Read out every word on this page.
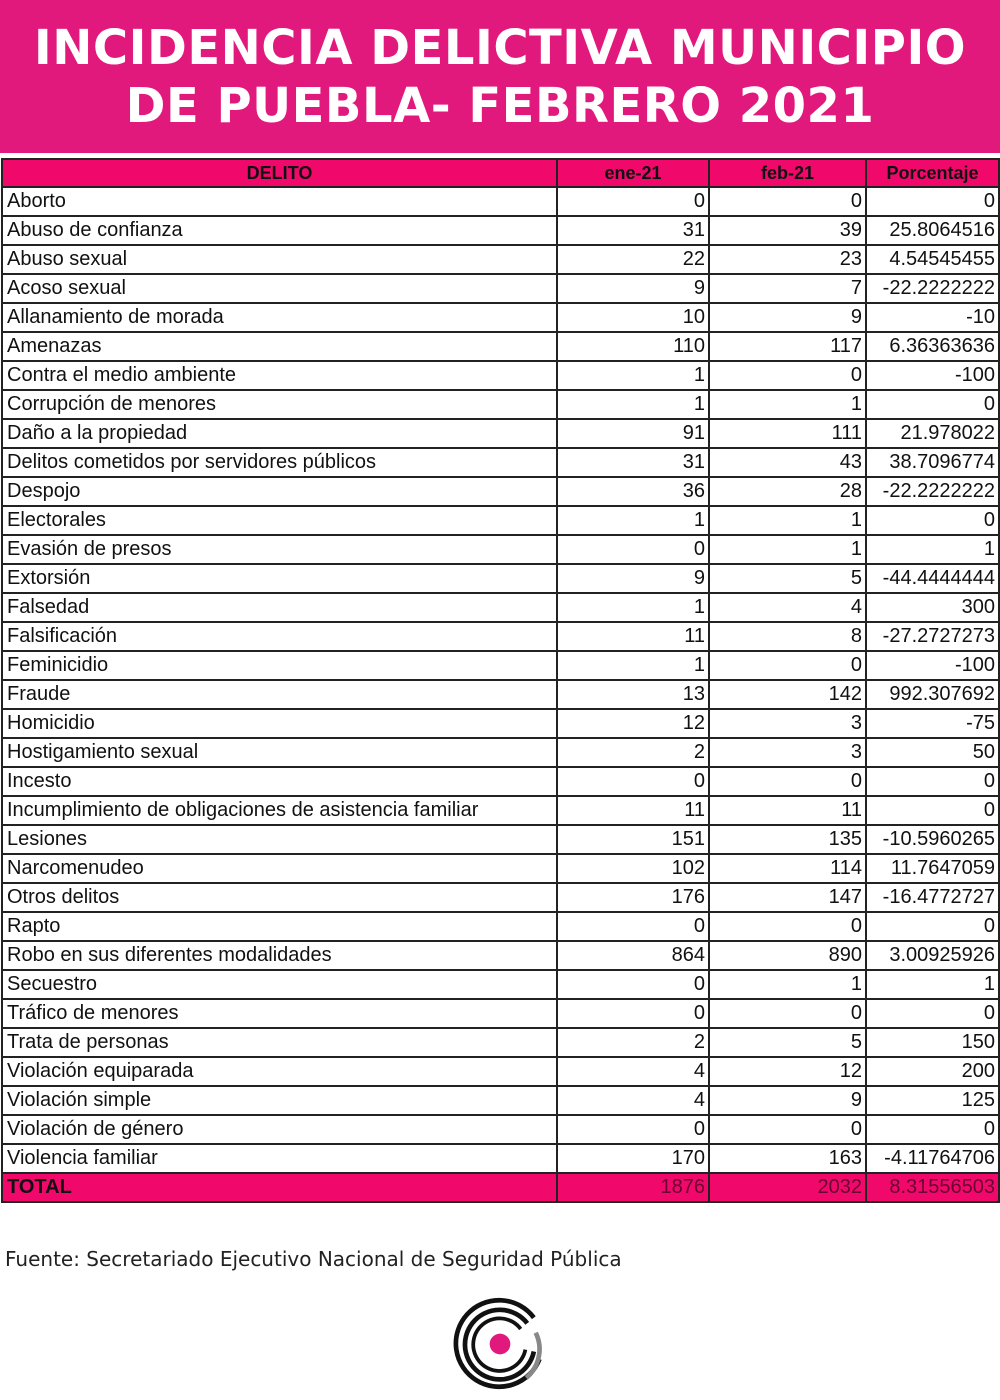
INCIDENCIA DELICTIVA MUNICIPIO
DE PUEBLA- FEBRERO 2021
DELITO	ene-21	feb-21	Porcentaje
Aborto	0	0	0
Abuso de confianza	31	39	25.8064516
Abuso sexual	22	23	4.54545455
Acoso sexual	9	7	-22.2222222
Allanamiento de morada	10	9	-10
Amenazas	110	117	6.36363636
Contra el medio ambiente	1	0	-100
Corrupción de menores	1	1	0
Daño a la propiedad	91	111	21.978022
Delitos cometidos por servidores públicos	31	43	38.7096774
Despojo	36	28	-22.2222222
Electorales	1	1	0
Evasión de presos	0	1	1
Extorsión	9	5	-44.4444444
Falsedad	1	4	300
Falsificación	11	8	-27.2727273
Feminicidio	1	0	-100
Fraude	13	142	992.307692
Homicidio	12	3	-75
Hostigamiento sexual	2	3	50
Incesto	0	0	0
Incumplimiento de obligaciones de asistencia familiar	11	11	0
Lesiones	151	135	-10.5960265
Narcomenudeo	102	114	11.7647059
Otros delitos	176	147	-16.4772727
Rapto	0	0	0
Robo en sus diferentes modalidades	864	890	3.00925926
Secuestro	0	1	1
Tráfico de menores	0	0	0
Trata de personas	2	5	150
Violación equiparada	4	12	200
Violación simple	4	9	125
Violación de género	0	0	0
Violencia familiar	170	163	-4.11764706
TOTAL	1876	2032	8.31556503
Fuente: Secretariado Ejecutivo Nacional de Seguridad Pública
